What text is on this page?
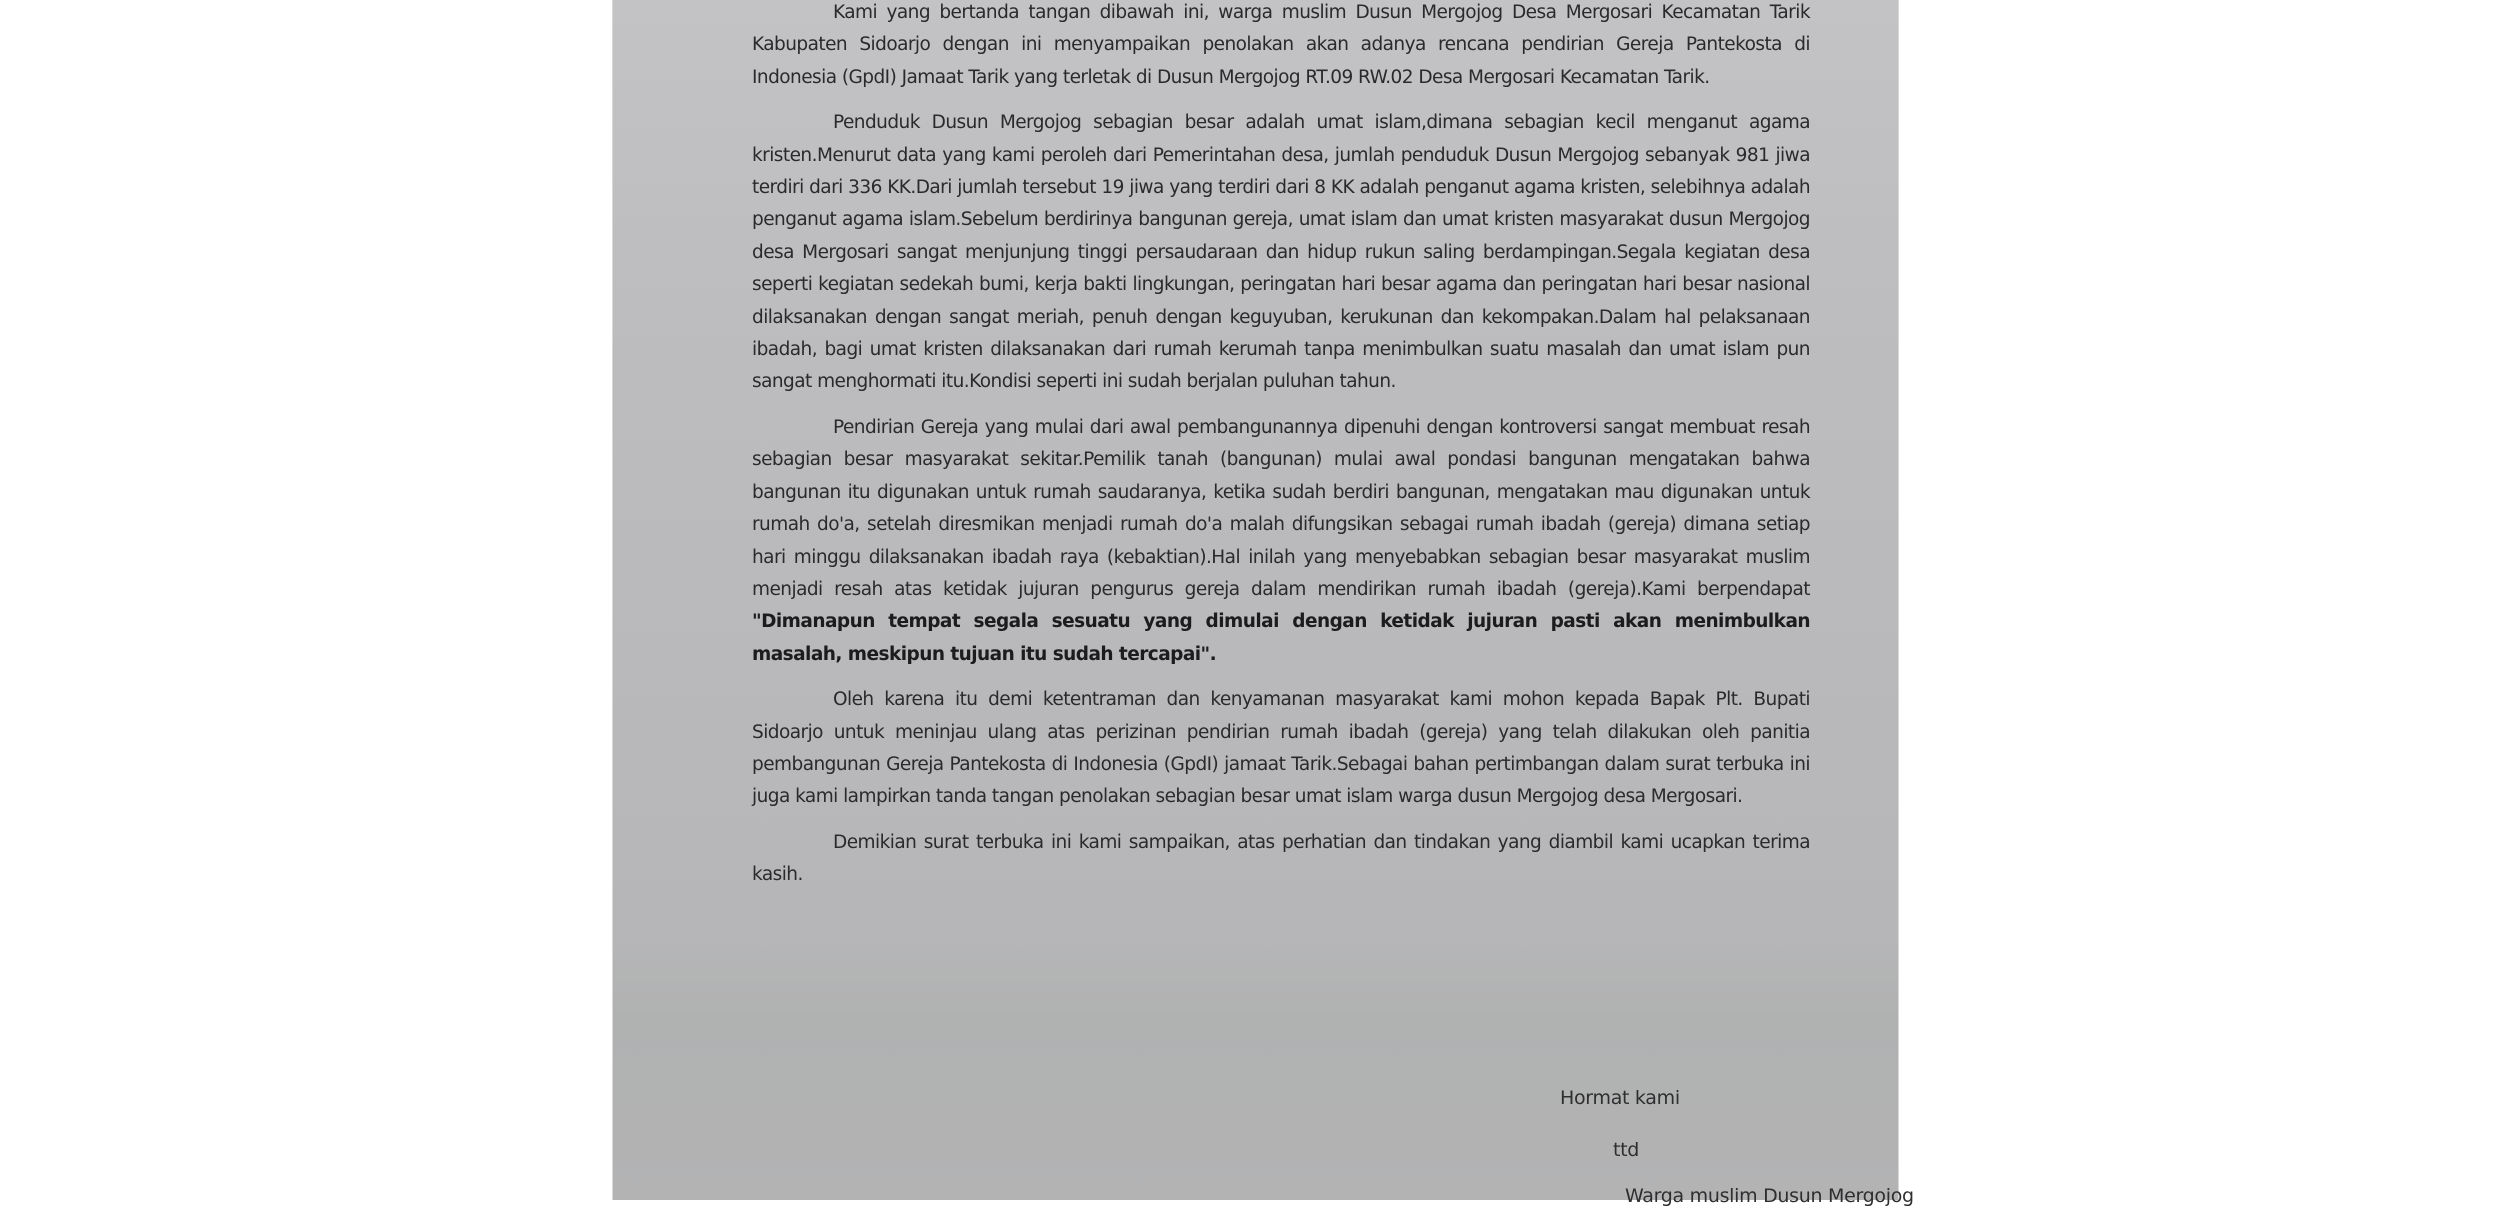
Kami yang bertanda tangan dibawah ini, warga muslim Dusun Mergojog Desa Mergosari Kecamatan Tarik Kabupaten Sidoarjo dengan ini menyampaikan penolakan akan adanya rencana pendirian Gereja Pantekosta di Indonesia (GpdI) Jamaat Tarik yang terletak di Dusun Mergojog RT.09 RW.02 Desa Mergosari Kecamatan Tarik.

Penduduk Dusun Mergojog sebagian besar adalah umat islam,dimana sebagian kecil menganut agama kristen.Menurut data yang kami peroleh dari Pemerintahan desa, jumlah penduduk Dusun Mergojog sebanyak 981 jiwa terdiri dari 336 KK.Dari jumlah tersebut 19 jiwa yang terdiri dari 8 KK adalah penganut agama kristen, selebihnya adalah penganut agama islam.Sebelum berdirinya bangunan gereja, umat islam dan umat kristen masyarakat dusun Mergojog desa Mergosari sangat menjunjung tinggi persaudaraan dan hidup rukun saling berdampingan.Segala kegiatan desa seperti kegiatan sedekah bumi, kerja bakti lingkungan, peringatan hari besar agama dan peringatan hari besar nasional dilaksanakan dengan sangat meriah, penuh dengan keguyuban, kerukunan dan kekompakan.Dalam hal pelaksanaan ibadah, bagi umat kristen dilaksanakan dari rumah kerumah tanpa menimbulkan suatu masalah dan umat islam pun sangat menghormati itu.Kondisi seperti ini sudah berjalan puluhan tahun.

Pendirian Gereja yang mulai dari awal pembangunannya dipenuhi dengan kontroversi sangat membuat resah sebagian besar masyarakat sekitar.Pemilik tanah (bangunan) mulai awal pondasi bangunan mengatakan bahwa bangunan itu digunakan untuk rumah saudaranya, ketika sudah berdiri bangunan, mengatakan mau digunakan untuk rumah do'a, setelah diresmikan menjadi rumah do'a malah difungsikan sebagai rumah ibadah (gereja) dimana setiap hari minggu dilaksanakan ibadah raya (kebaktian).Hal inilah yang menyebabkan sebagian besar masyarakat muslim menjadi resah atas ketidak jujuran pengurus gereja dalam mendirikan rumah ibadah (gereja).Kami berpendapat "Dimanapun tempat segala sesuatu yang dimulai dengan ketidak jujuran pasti akan menimbulkan masalah, meskipun tujuan itu sudah tercapai".

Oleh karena itu demi ketentraman dan kenyamanan masyarakat kami mohon kepada Bapak Plt. Bupati Sidoarjo untuk meninjau ulang atas perizinan pendirian rumah ibadah (gereja) yang telah dilakukan oleh panitia pembangunan Gereja Pantekosta di Indonesia (GpdI) jamaat Tarik.Sebagai bahan pertimbangan dalam surat terbuka ini juga kami lampirkan tanda tangan penolakan sebagian besar umat islam warga dusun Mergojog desa Mergosari.

Demikian surat terbuka ini kami sampaikan, atas perhatian dan tindakan yang diambil kami ucapkan terima kasih.

Hormat kami
ttd
Warga muslim Dusun Mergojog
